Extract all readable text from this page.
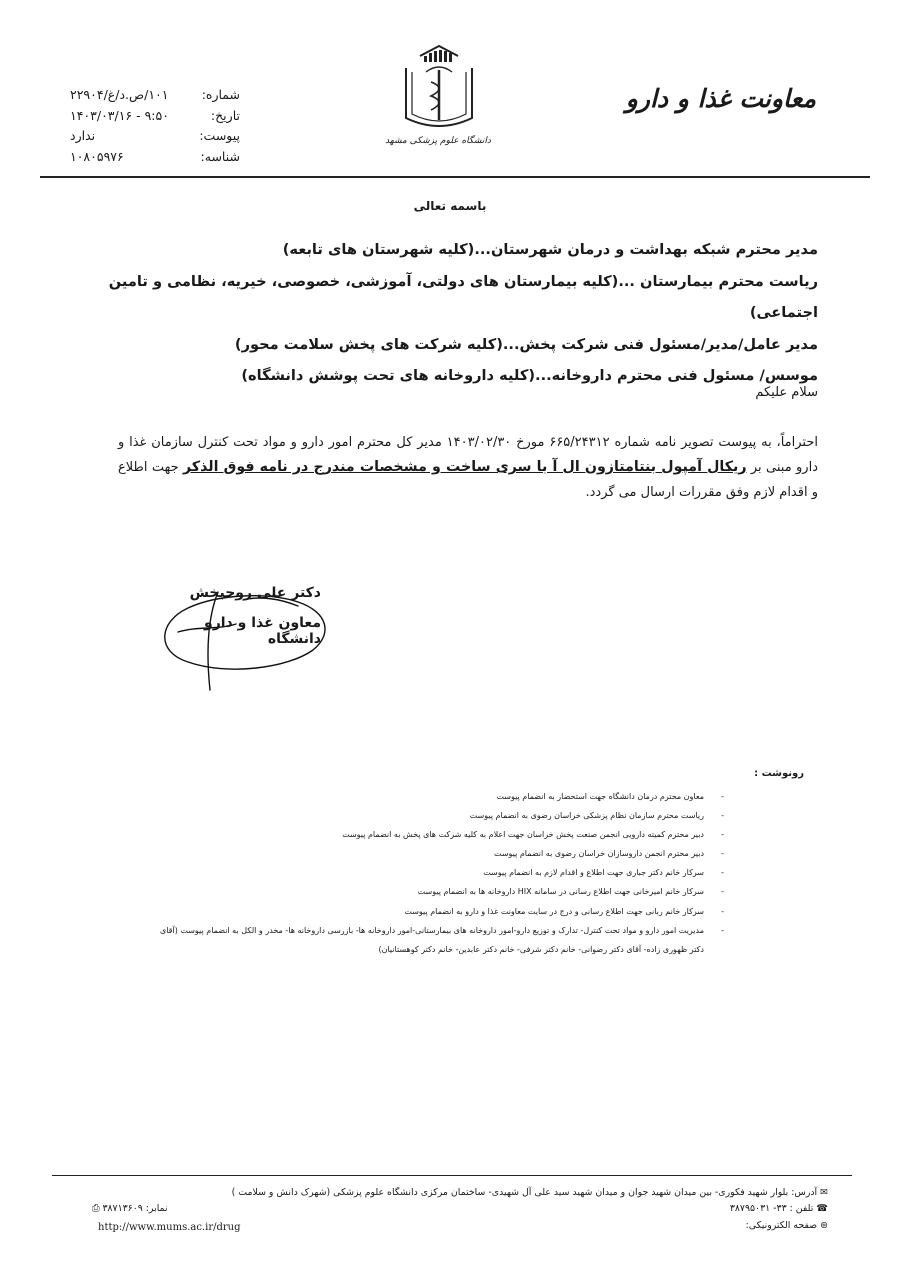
معاونت غذا و دارو
دانشگاه علوم پزشکی مشهد
شماره:
۱۰۱/ص.د/غ/۲۲۹۰۴
تاریخ:
۱۴۰۳/۰۳/۱۶ - ۹:۵۰
پیوست:
ندارد
شناسه:
۱۰۸۰۵۹۷۶
باسمه تعالی
مدیر محترم شبکه بهداشت و درمان شهرستان...(کلیه شهرستان های تابعه)
ریاست محترم بیمارستان ...(کلیه بیمارستان های دولتی، آموزشی، خصوصی، خیریه، نظامی و تامین اجتماعی)
مدیر عامل/مدیر/مسئول فنی شرکت پخش...(کلیه شرکت های پخش سلامت محور)
موسس/ مسئول فنی محترم داروخانه...(کلیه داروخانه های تحت پوشش دانشگاه)
سلام علیکم
احتراماً، به پیوست تصویر نامه شماره ۶۶۵/۲۴۳۱۲ مورخ ۱۴۰۳/۰۲/۳۰ مدیر کل محترم امور دارو و مواد تحت کنترل سازمان غذا و دارو مبنی بر ریکال آمپول بنتامتازون ال آ با سری ساخت و مشخصات مندرج در نامه فوق الذکر جهت اطلاع و اقدام لازم وفق مقررات ارسال می گردد.
دکتر علی روحبخش
معاون غذا و دارو دانشگاه
رونوشت :
معاون محترم درمان دانشگاه جهت استحضار به انضمام پیوست -
ریاست محترم سازمان نظام پزشکی خراسان رضوی به انضمام پیوست -
دبیر محترم کمیته دارویی انجمن صنعت پخش خراسان جهت اعلام به کلیه شرکت های پخش به انضمام پیوست -
دبیر محترم انجمن داروسازان خراسان رضوی به انضمام پیوست -
سرکار خانم دکتر جباری جهت اطلاع و اقدام لازم به انضمام پیوست -
سرکار خانم امیرخانی جهت اطلاع رسانی در سامانه HIX داروخانه ها به انضمام پیوست -
سرکار خانم ربانی جهت اطلاع رسانی و درج در سایت معاونت غذا و دارو به انضمام پیوست -
مدیریت امور دارو و مواد تحت کنترل- تدارک و توزیع دارو-امور داروخانه های بیمارستانی-امور داروخانه ها- بازرسی داروخانه ها- مخدر و الکل به انضمام پیوست (آقای دکتر ظهوری زاده- آقای دکتر رضوانی- خانم دکتر شرفی- خانم دکتر عابدین- خانم دکتر کوهستانیان) -
✉ آدرس: بلوار شهید فکوری- بین میدان شهید جوان و میدان شهید سید علی آل شهیدی- ساختمان مرکزی دانشگاه علوم پزشکی (شهرک دانش و سلامت )
☎ تلفن : ۳۳- ۳۸۷۹۵۰۳۱
⊛ صفحه الکترونیکی:
نمابر: ۳۸۷۱۳۶۰۹ ⎙
http://www.mums.ac.ir/drug
